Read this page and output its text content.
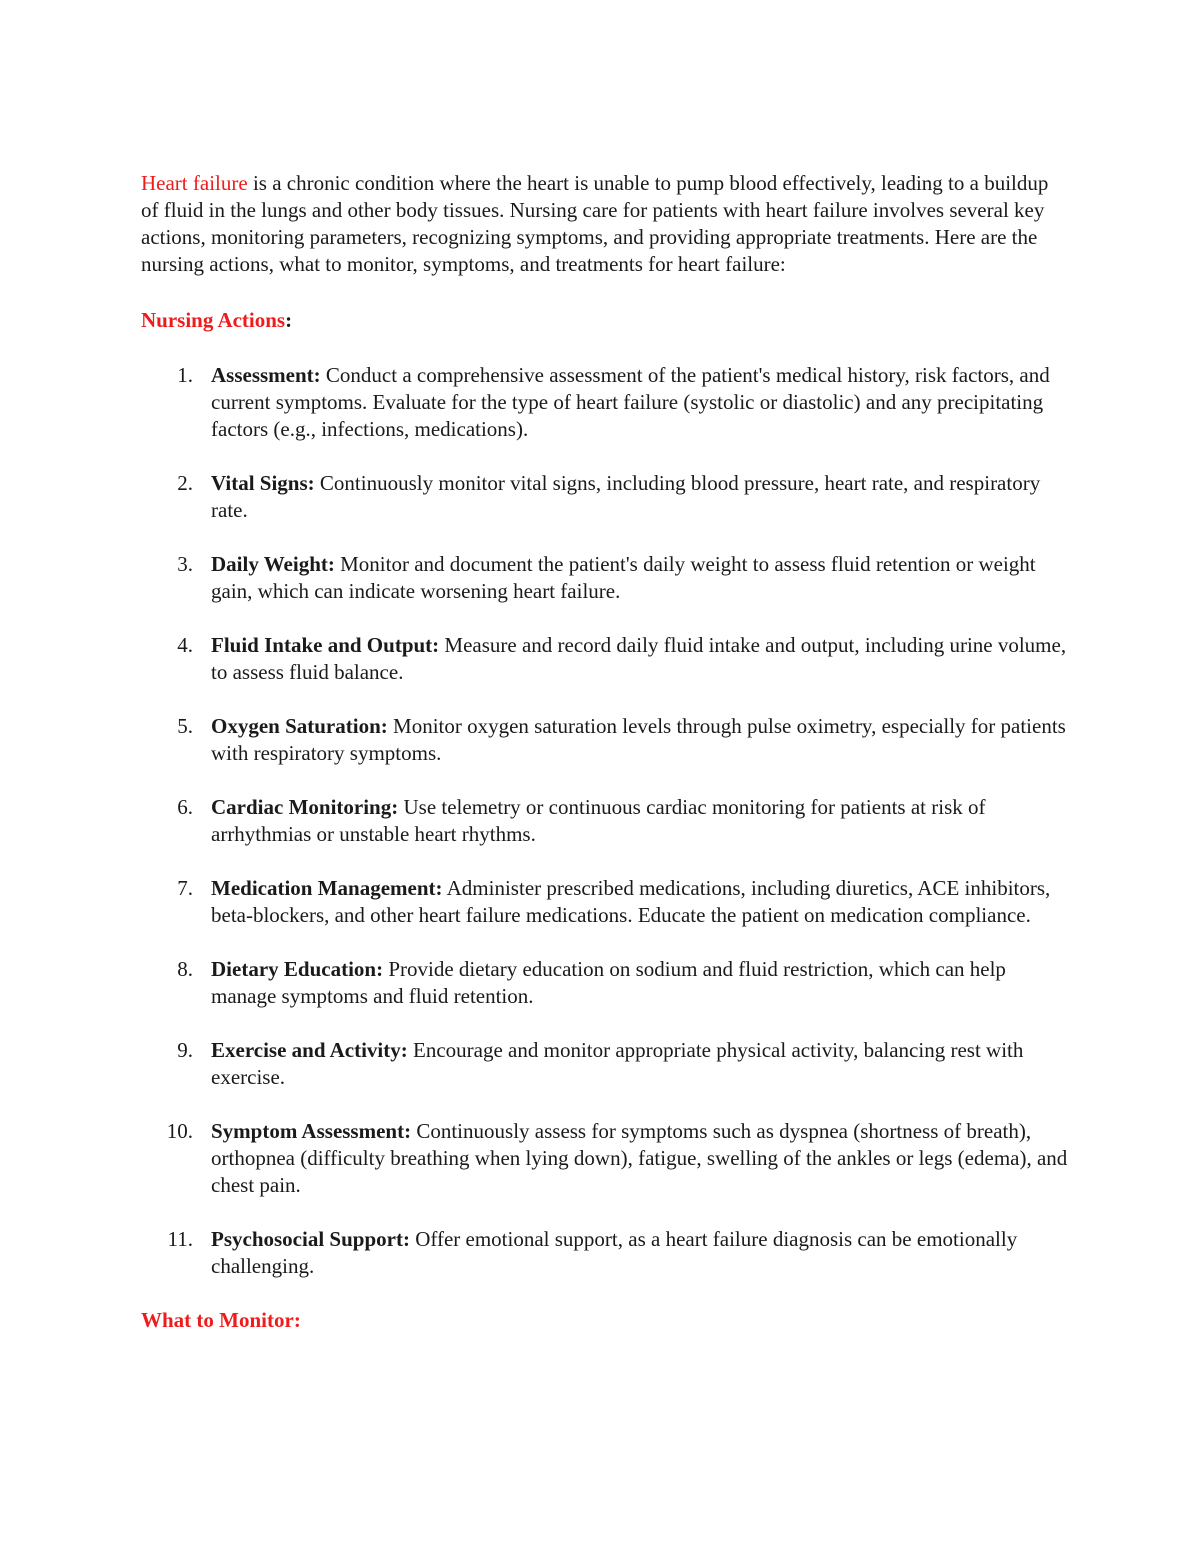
Heart failure is a chronic condition where the heart is unable to pump blood effectively, leading to a buildup of fluid in the lungs and other body tissues. Nursing care for patients with heart failure involves several key actions, monitoring parameters, recognizing symptoms, and providing appropriate treatments. Here are the nursing actions, what to monitor, symptoms, and treatments for heart failure:

Nursing Actions:

1. Assessment: Conduct a comprehensive assessment of the patient's medical history, risk factors, and current symptoms. Evaluate for the type of heart failure (systolic or diastolic) and any precipitating factors (e.g., infections, medications).
2. Vital Signs: Continuously monitor vital signs, including blood pressure, heart rate, and respiratory rate.
3. Daily Weight: Monitor and document the patient's daily weight to assess fluid retention or weight gain, which can indicate worsening heart failure.
4. Fluid Intake and Output: Measure and record daily fluid intake and output, including urine volume, to assess fluid balance.
5. Oxygen Saturation: Monitor oxygen saturation levels through pulse oximetry, especially for patients with respiratory symptoms.
6. Cardiac Monitoring: Use telemetry or continuous cardiac monitoring for patients at risk of arrhythmias or unstable heart rhythms.
7. Medication Management: Administer prescribed medications, including diuretics, ACE inhibitors, beta-blockers, and other heart failure medications. Educate the patient on medication compliance.
8. Dietary Education: Provide dietary education on sodium and fluid restriction, which can help manage symptoms and fluid retention.
9. Exercise and Activity: Encourage and monitor appropriate physical activity, balancing rest with exercise.
10. Symptom Assessment: Continuously assess for symptoms such as dyspnea (shortness of breath), orthopnea (difficulty breathing when lying down), fatigue, swelling of the ankles or legs (edema), and chest pain.
11. Psychosocial Support: Offer emotional support, as a heart failure diagnosis can be emotionally challenging.

What to Monitor:
